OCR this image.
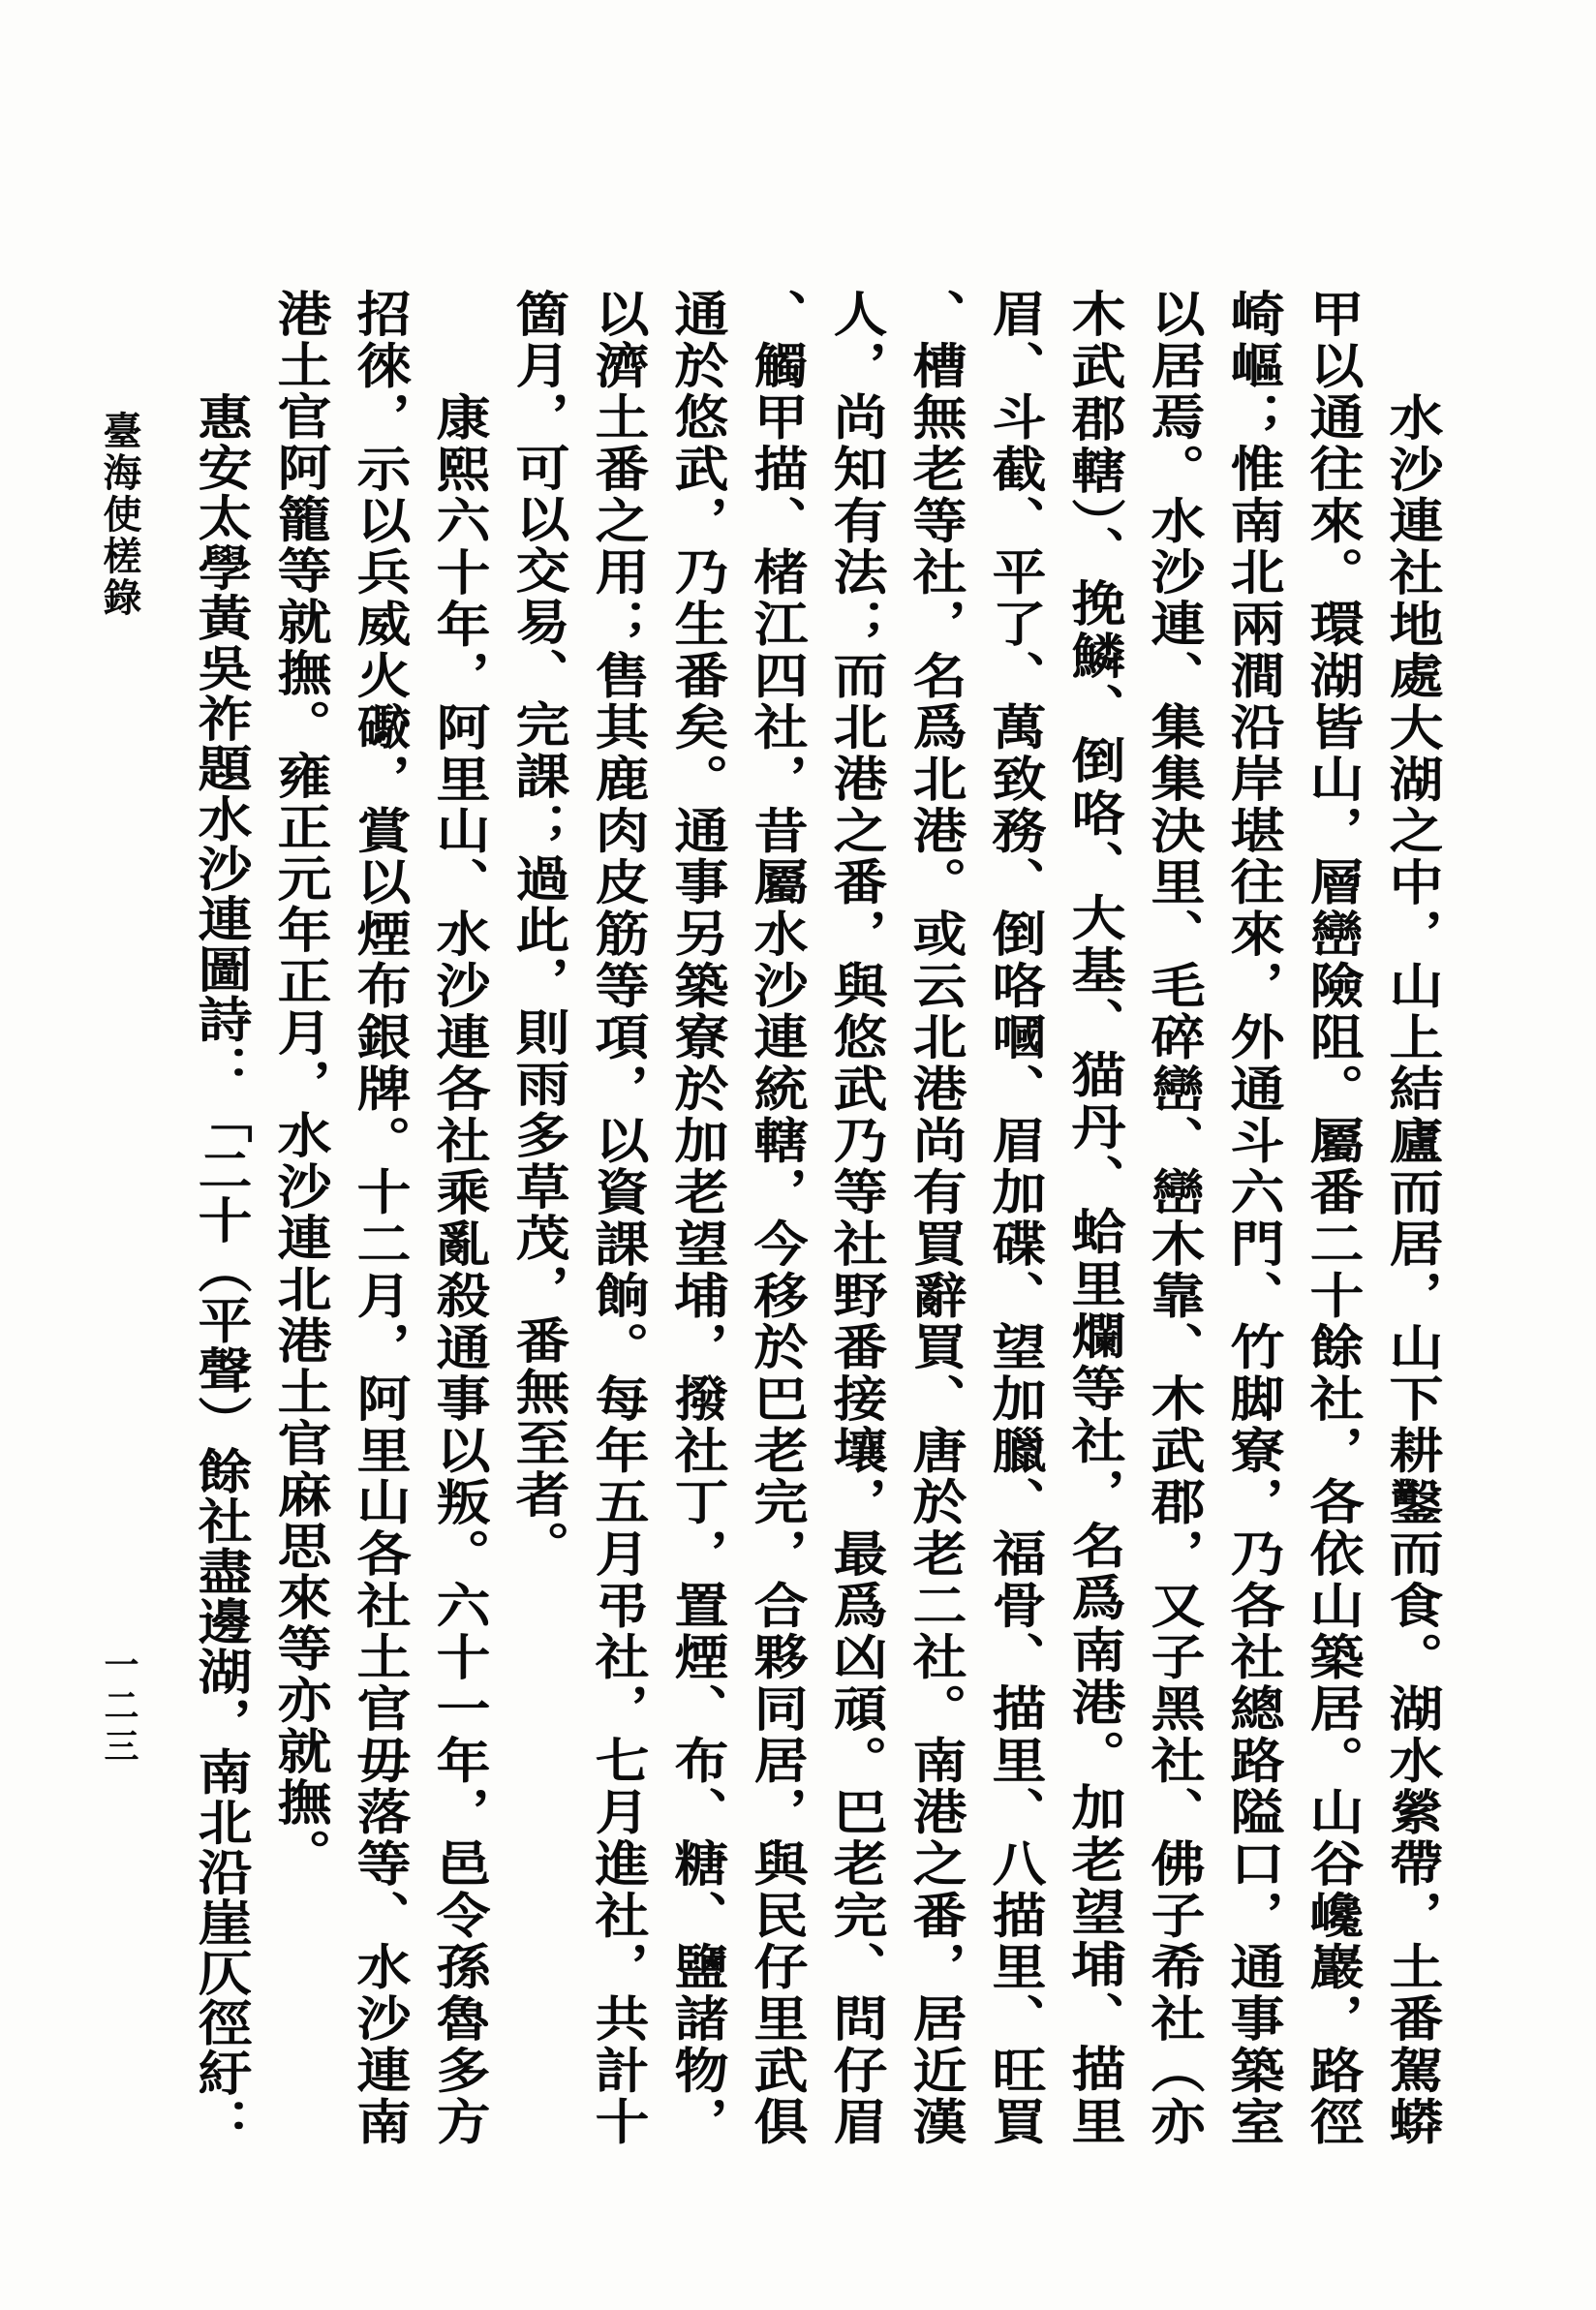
水沙連社地處大湖之中，山上結廬而居，山下耕鑿而食。湖水縈帶，土番駕蟒
甲以通往來。環湖皆山，層巒險阻。屬番二十餘社，各依山築居。山谷巉巖，路徑
崎嶇；惟南北兩澗沿岸堪往來，外通斗六門、竹脚寮，乃各社總路隘口，通事築室
以居焉。水沙連、集集決里、毛碎巒、巒木靠、木武郡，又子黑社、佛子希社（亦
木武郡轄）、挽鱗、倒咯、大基、猫丹、蛤里爛等社，名爲南港。加老望埔、描里
眉、斗截、平了、萬致務、倒咯嘓、眉加碟、望加臘、福骨、描里、八描里、旺買
、槽無老等社，名爲北港。或云北港尚有買辭買、唐於老二社。南港之番，居近漢
人，尚知有法；而北港之番，與悠武乃等社野番接壤，最爲凶頑。巴老完、問仔眉
、觸甲描、楮江四社，昔屬水沙連統轄，今移於巴老完，合夥同居，與民仔里武俱
通於悠武，乃生番矣。通事另築寮於加老望埔，撥社丁，置煙、布、糖、鹽諸物，
以濟土番之用；售其鹿肉皮筋等項，以資課餉。每年五月弔社，七月進社，共計十
箇月，可以交易、完課；過此，則雨多草茂，番無至者。
康熙六十年，阿里山、水沙連各社乘亂殺通事以叛。六十一年，邑令孫魯多方
招徠，示以兵威火礮，賞以煙布銀牌。十二月，阿里山各社土官毋落等、水沙連南
港土官阿籠等就撫。雍正元年正月，水沙連北港土官麻思來等亦就撫。
惠安太學黃吳祚題水沙連圖詩：「二十（平聲）餘社盡邊湖，南北沿崖仄徑紆：
臺海使槎錄
一二三
